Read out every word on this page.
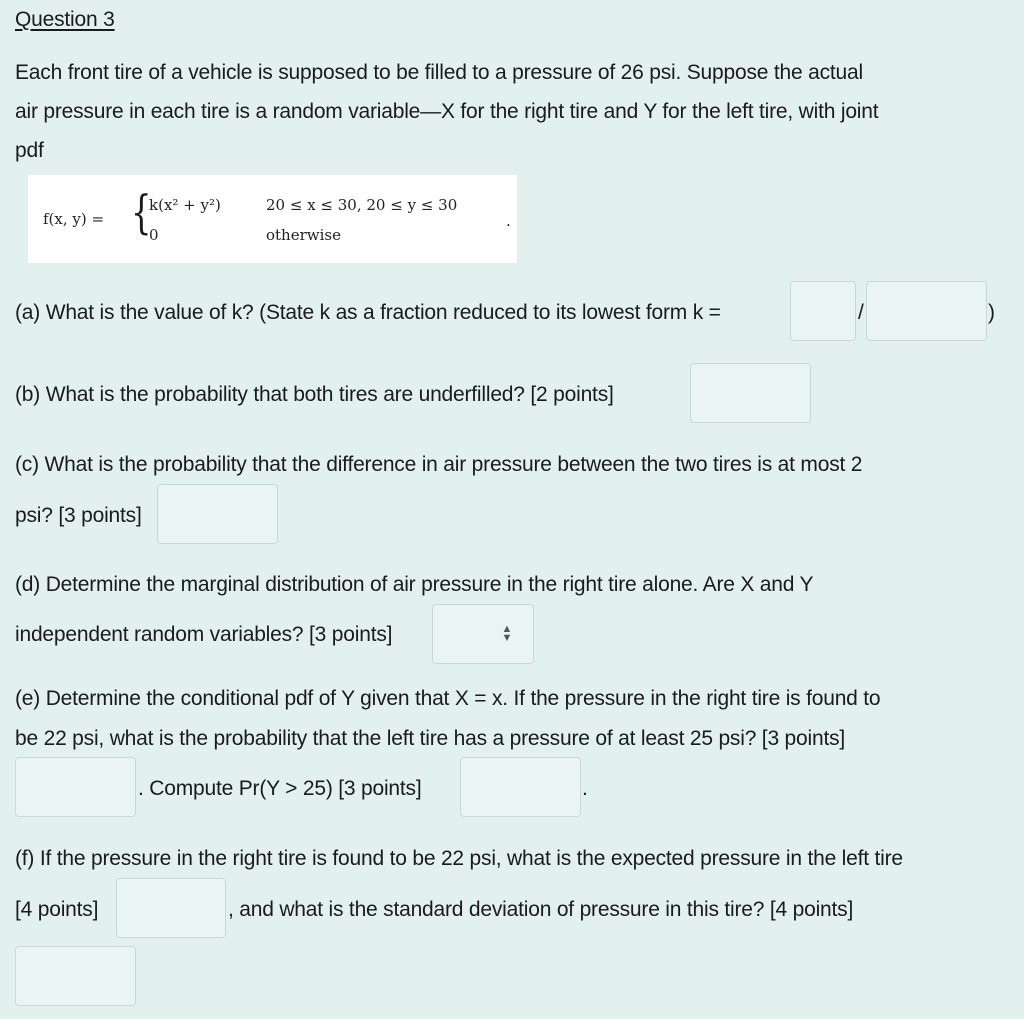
Question 3
Each front tire of a vehicle is supposed to be filled to a pressure of 26 psi. Suppose the actual
air pressure in each tire is a random variable—X for the right tire and Y for the left tire, with joint
pdf
f(x, y) = {
k(x² + y²)	20 ≤ x ≤ 30, 20 ≤ y ≤ 30
0	otherwise
.
(a) What is the value of k? (State k as a fraction reduced to its lowest form k =	/	)
(b) What is the probability that both tires are underfilled? [2 points]
(c) What is the probability that the difference in air pressure between the two tires is at most 2
psi? [3 points]
(d) Determine the marginal distribution of air pressure in the right tire alone. Are X and Y
independent random variables? [3 points]	▲
▼
(e) Determine the conditional pdf of Y given that X = x. If the pressure in the right tire is found to
be 22 psi, what is the probability that the left tire has a pressure of at least 25 psi? [3 points]
. Compute Pr(Y > 25) [3 points]	.
(f) If the pressure in the right tire is found to be 22 psi, what is the expected pressure in the left tire
[4 points]	, and what is the standard deviation of pressure in this tire? [4 points]
